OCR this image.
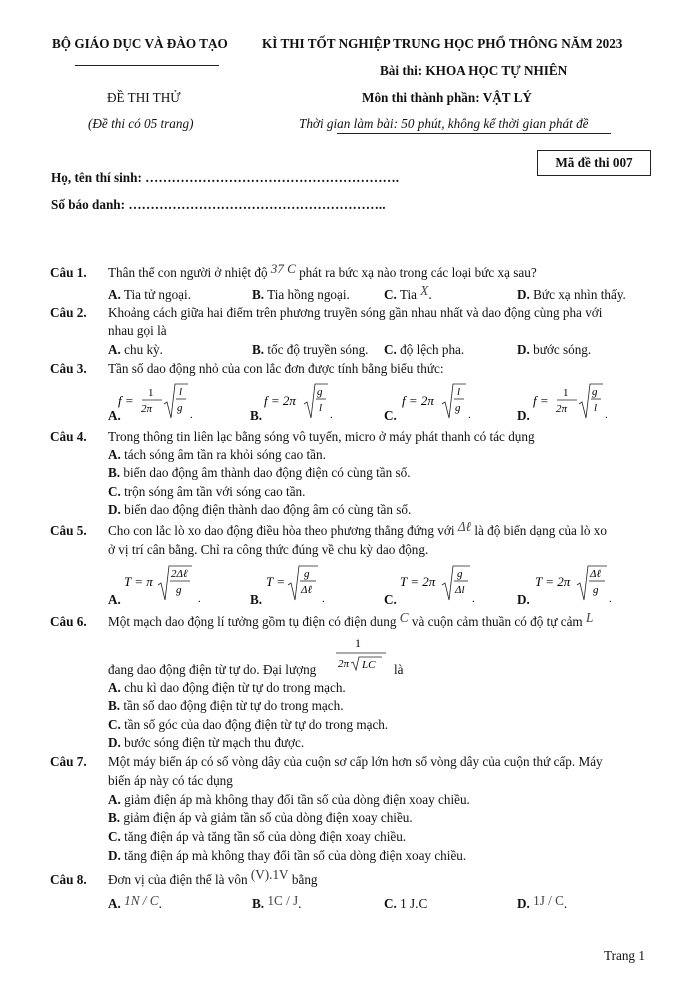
BỘ GIÁO DỤC VÀ ĐÀO TẠO	KÌ THI TỐT NGHIỆP TRUNG HỌC PHỔ THÔNG NĂM 2023
Bài thi: KHOA HỌC TỰ NHIÊN
ĐỀ THI THỬ	Môn thi thành phần: VẬT LÝ
(Đề thi có 05 trang)	Thời gian làm bài: 50 phút, không kể thời gian phát đề
Mã đề thi 007
Họ, tên thí sinh: ………………………………………………….
Số báo danh: …………………………………………………..
Câu 1. Thân thể con người ở nhiệt độ 37 C phát ra bức xạ nào trong các loại bức xạ sau?
A. Tia tử ngoại.	B. Tia hồng ngoại.	C. Tia X.	D. Bức xạ nhìn thấy.
Câu 2. Khoảng cách giữa hai điểm trên phương truyền sóng gần nhau nhất và dao động cùng pha với
nhau gọi là
A. chu kỳ.	B. tốc độ truyền sóng. C. độ lệch pha.	D. bước sóng.
Câu 3. Tần số dao động nhỏ của con lắc đơn được tính bằng biểu thức:
A.
f = 1
2π
l
g
.	B.
f = 2π
g
l
.	C.
f = 2π
l
g
.	D.
f = 1
2π
g
l
.
Câu 4. Trong thông tin liên lạc bằng sóng vô tuyến, micro ở máy phát thanh có tác dụng
A. tách sóng âm tần ra khỏi sóng cao tần.
B. biến dao động âm thành dao động điện có cùng tần số.
C. trộn sóng âm tần với sóng cao tần.
D. biến dao động điện thành dao động âm có cùng tần số.
Câu 5. Cho con lắc lò xo dao động điều hòa theo phương thẳng đứng với Δℓ là độ biến dạng của lò xo
ở vị trí cân bằng. Chỉ ra công thức đúng về chu kỳ dao động.
A.
T = π 2Δℓ
g
.	B.
T = g
Δℓ
.	C.
T = 2π g
Δl
.	D.
T = 2π Δℓ
g
.
Câu 6. Một mạch dao động lí tưởng gồm tụ điện có điện dung C và cuộn cảm thuần có độ tự cảm L
đang dao động điện từ tự do. Đại lượng
1
2π LC là
A. chu kì dao động điện từ tự do trong mạch.
B. tần số dao động điện từ tự do trong mạch.
C. tần số góc của dao động điện từ tự do trong mạch.
D. bước sóng điện từ mạch thu được.
Câu 7. Một máy biến áp có số vòng dây của cuộn sơ cấp lớn hơn số vòng dây của cuộn thứ cấp. Máy
biến áp này có tác dụng
A. giảm điện áp mà không thay đổi tần số của dòng điện xoay chiều.
B. giảm điện áp và giảm tần số của dòng điện xoay chiều.
C. tăng điện áp và tăng tần số của dòng điện xoay chiều.
D. tăng điện áp mà không thay đổi tần số của dòng điện xoay chiều.
Câu 8. Đơn vị của điện thế là vôn (V).1V bằng
A. 1N / C.	B. 1C / J.	C. 1 J.C	D. 1J / C.
Trang 1
